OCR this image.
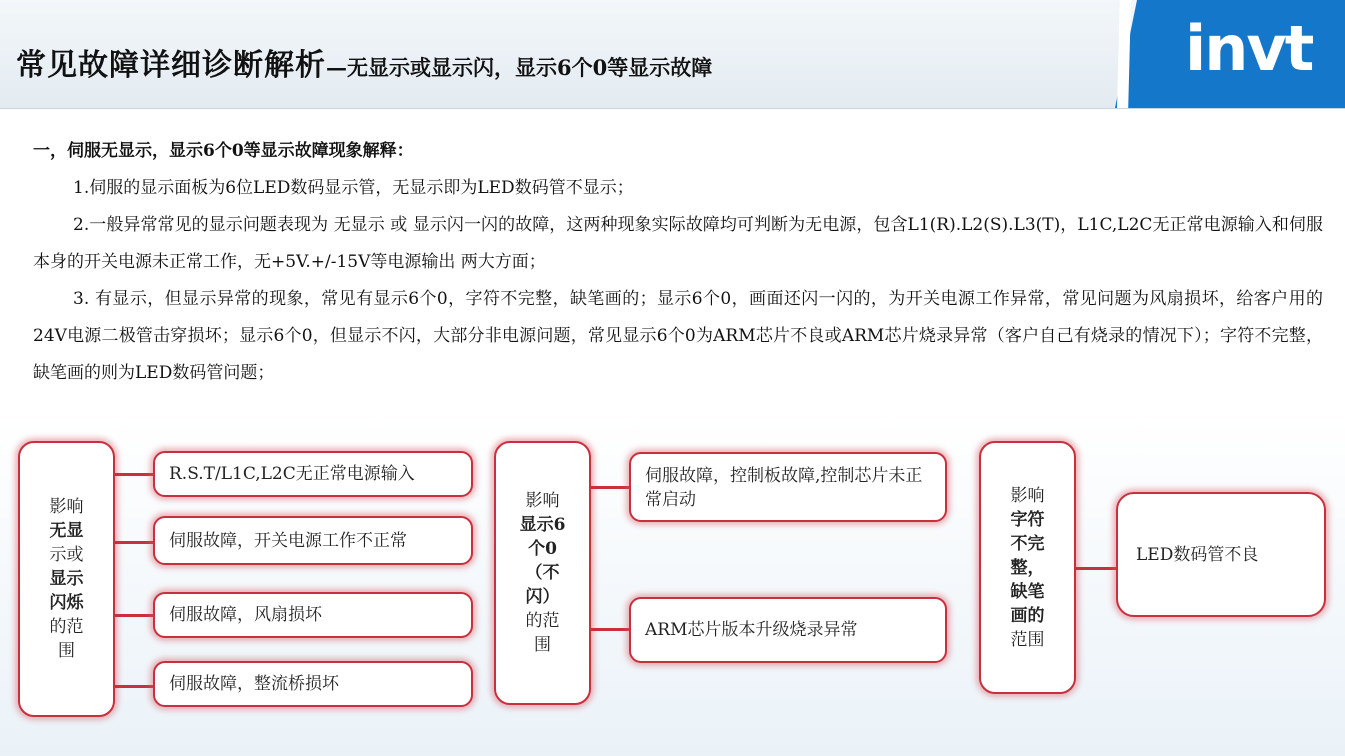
常见故障详细诊断解析—无显示或显示闪，显示6个0等显示故障	invt

一，伺服无显示，显示6个0等显示故障现象解释：

1.伺服的显示面板为6位LED数码显示管，无显示即为LED数码管不显示；

2.一般异常常见的显示问题表现为 无显示 或 显示闪一闪的故障，这两种现象实际故障均可判断为无电源，包含L1(R).L2(S).L3(T)，L1C,L2C无正常电源输入和伺服本身的开关电源未正常工作，无+5V.+/-15V等电源输出 两大方面；

3. 有显示，但显示异常的现象，常见有显示6个0，字符不完整，缺笔画的；显示6个0，画面还闪一闪的，为开关电源工作异常，常见问题为风扇损坏，给客户用的24V电源二极管击穿损坏；显示6个0，但显示不闪，大部分非电源问题，常见显示6个0为ARM芯片不良或ARM芯片烧录异常（客户自己有烧录的情况下）；字符不完整，缺笔画的则为LED数码管问题；

影响
无显
示或
显示
闪烁
的范
围
R.S.T/L1C,L2C无正常电源输入
伺服故障，开关电源工作不正常
伺服故障，风扇损坏
伺服故障，整流桥损坏
影响
显示6
个0
（不
闪）
的范
围
伺服故障，控制板故障,控制芯片未正常启动
ARM芯片版本升级烧录异常
影响
字符
不完
整，
缺笔
画的
范围
LED数码管不良
